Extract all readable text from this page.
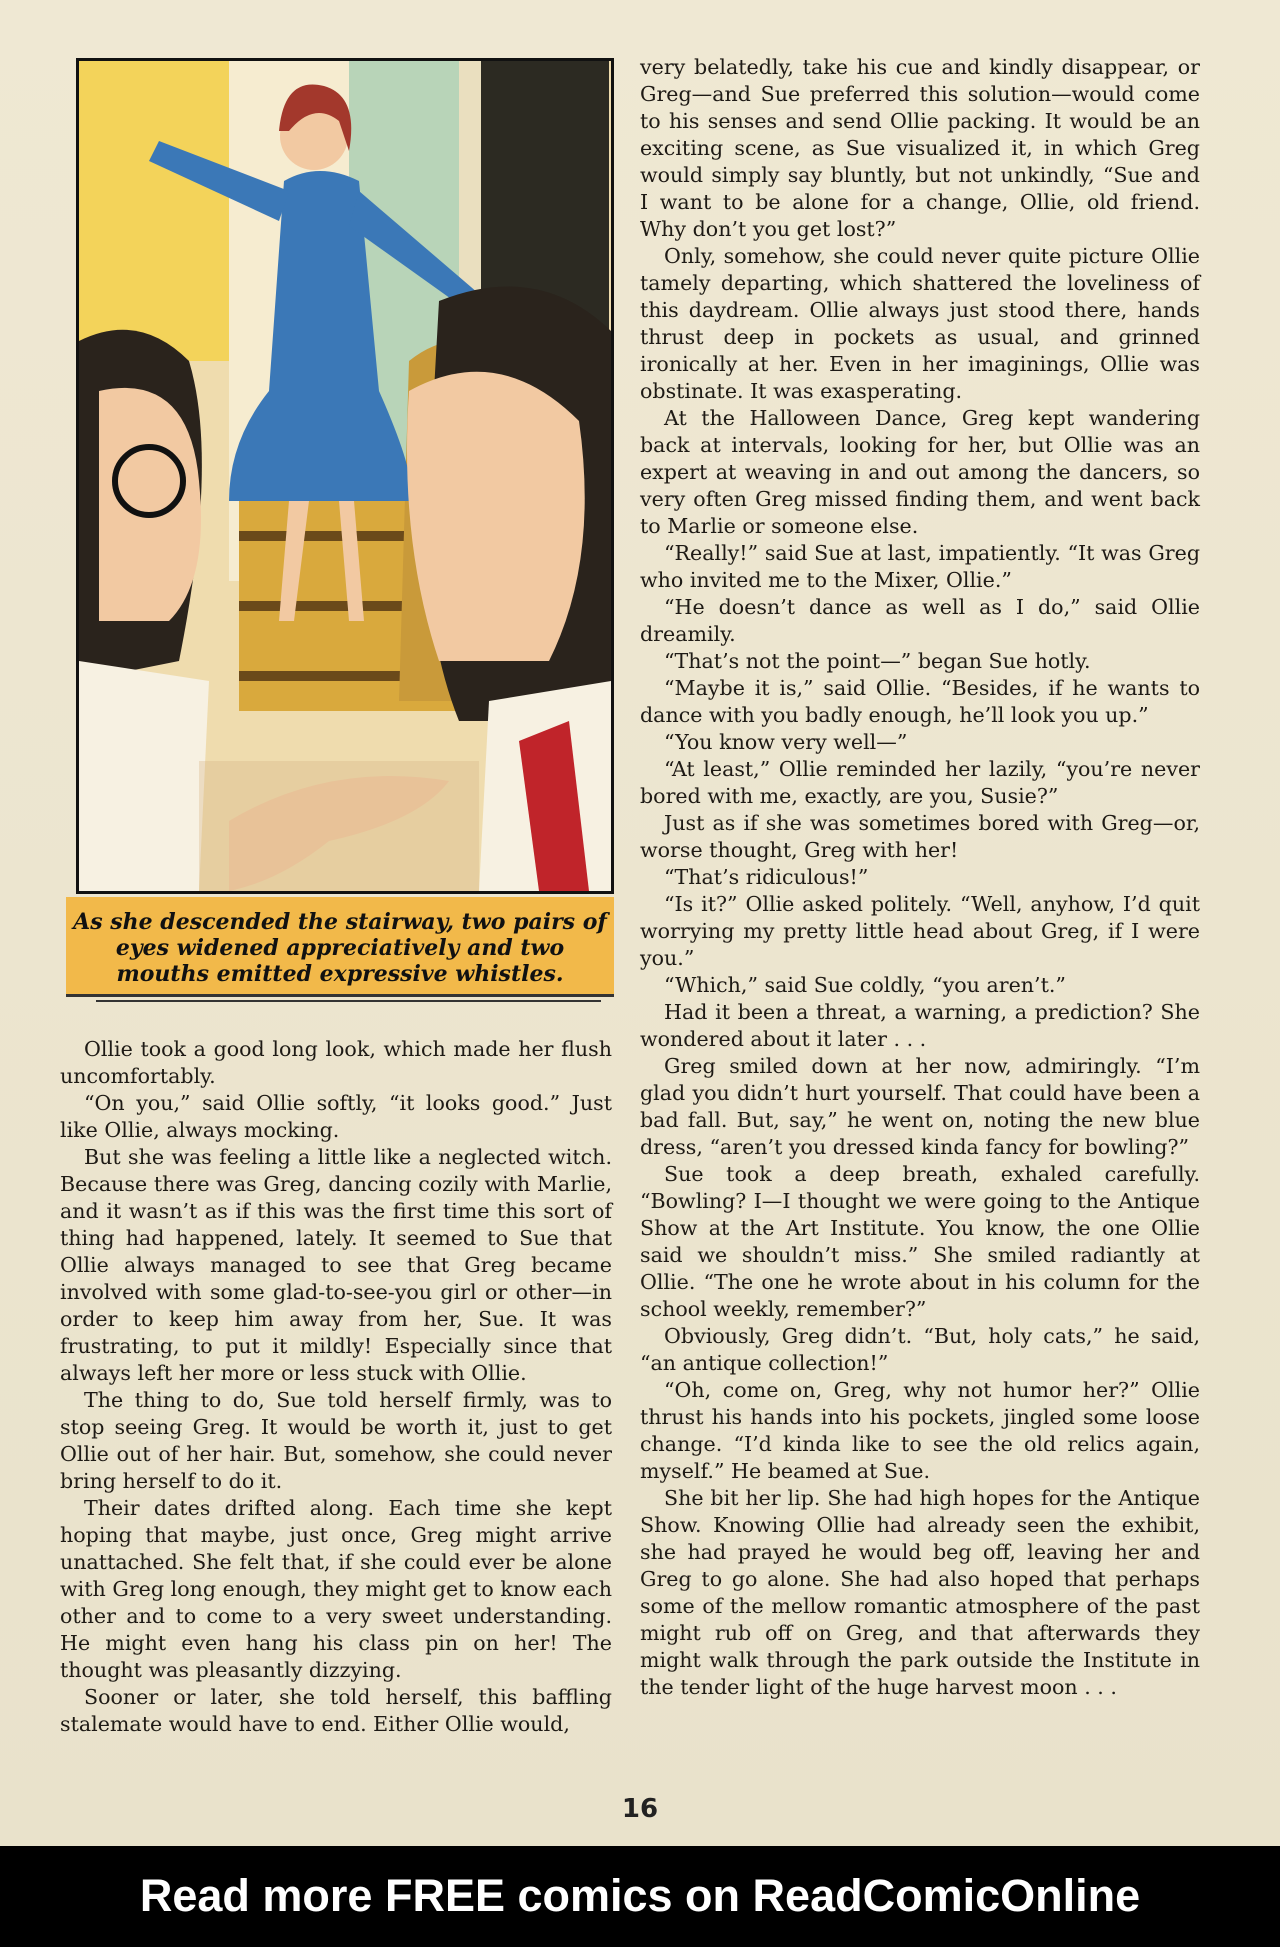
As she descended the stairway, two pairs of eyes widened appreciatively and two mouths emitted expressive whistles.

Ollie took a good long look, which made her flush uncomfortably.

“On you,” said Ollie softly, “it looks good.” Just like Ollie, always mocking.

But she was feeling a little like a neglected witch. Because there was Greg, dancing cozily with Marlie, and it wasn’t as if this was the first time this sort of thing had happened, lately. It seemed to Sue that Ollie always managed to see that Greg became involved with some glad-to-see-you girl or other—in order to keep him away from her, Sue. It was frustrating, to put it mildly! Especially since that always left her more or less stuck with Ollie.

The thing to do, Sue told herself firmly, was to stop seeing Greg. It would be worth it, just to get Ollie out of her hair. But, somehow, she could never bring herself to do it.

Their dates drifted along. Each time she kept hoping that maybe, just once, Greg might arrive unattached. She felt that, if she could ever be alone with Greg long enough, they might get to know each other and to come to a very sweet understanding. He might even hang his class pin on her! The thought was pleasantly dizzying.

Sooner or later, she told herself, this baffling stalemate would have to end. Either Ollie would,

very belatedly, take his cue and kindly disappear, or Greg—and Sue preferred this solution—would come to his senses and send Ollie packing. It would be an exciting scene, as Sue visualized it, in which Greg would simply say bluntly, but not unkindly, “Sue and I want to be alone for a change, Ollie, old friend. Why don’t you get lost?”

Only, somehow, she could never quite picture Ollie tamely departing, which shattered the loveliness of this daydream. Ollie always just stood there, hands thrust deep in pockets as usual, and grinned ironically at her. Even in her imaginings, Ollie was obstinate. It was exasperating.

At the Halloween Dance, Greg kept wandering back at intervals, looking for her, but Ollie was an expert at weaving in and out among the dancers, so very often Greg missed finding them, and went back to Marlie or someone else.

“Really!” said Sue at last, impatiently. “It was Greg who invited me to the Mixer, Ollie.”

“He doesn’t dance as well as I do,” said Ollie dreamily.

“That’s not the point—” began Sue hotly.

“Maybe it is,” said Ollie. “Besides, if he wants to dance with you badly enough, he’ll look you up.”

“You know very well—”

“At least,” Ollie reminded her lazily, “you’re never bored with me, exactly, are you, Susie?”

Just as if she was sometimes bored with Greg—or, worse thought, Greg with her!

“That’s ridiculous!”

“Is it?” Ollie asked politely. “Well, anyhow, I’d quit worrying my pretty little head about Greg, if I were you.”

“Which,” said Sue coldly, “you aren’t.”

Had it been a threat, a warning, a prediction? She wondered about it later . . .

Greg smiled down at her now, admiringly. “I’m glad you didn’t hurt yourself. That could have been a bad fall. But, say,” he went on, noting the new blue dress, “aren’t you dressed kinda fancy for bowling?”

Sue took a deep breath, exhaled carefully. “Bowling? I—I thought we were going to the Antique Show at the Art Institute. You know, the one Ollie said we shouldn’t miss.” She smiled radiantly at Ollie. “The one he wrote about in his column for the school weekly, remember?”

Obviously, Greg didn’t. “But, holy cats,” he said, “an antique collection!”

“Oh, come on, Greg, why not humor her?” Ollie thrust his hands into his pockets, jingled some loose change. “I’d kinda like to see the old relics again, myself.” He beamed at Sue.

She bit her lip. She had high hopes for the Antique Show. Knowing Ollie had already seen the exhibit, she had prayed he would beg off, leaving her and Greg to go alone. She had also hoped that perhaps some of the mellow romantic atmosphere of the past might rub off on Greg, and that afterwards they might walk through the park outside the Institute in the tender light of the huge harvest moon . . .

16
Read more FREE comics on ReadComicOnline
